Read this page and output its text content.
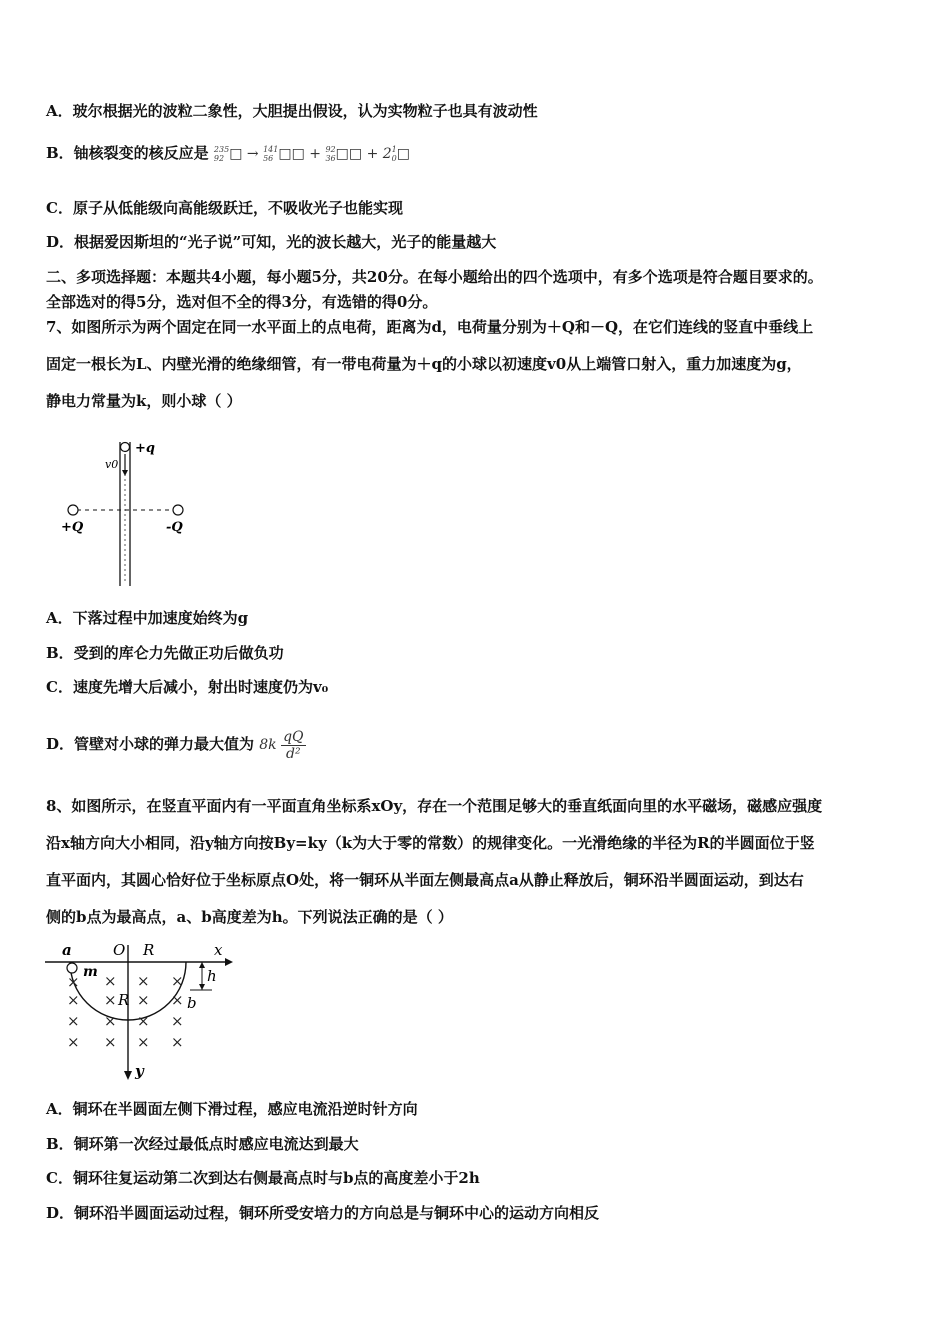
A．玻尔根据光的波粒二象性，大胆提出假设，认为实物粒子也具有波动性
B．铀核裂变的核反应是 235
92 □ → 141
56 □□ + 92
36□□ + 21
0□
C．原子从低能级向高能级跃迁，不吸收光子也能实现
D．根据爱因斯坦的“光子说”可知，光的波长越大，光子的能量越大
二、多项选择题：本题共4小题，每小题5分，共20分。在每小题给出的四个选项中，有多个选项是符合题目要求的。
全部选对的得5分，选对但不全的得3分，有选错的得0分。
7、如图所示为两个固定在同一水平面上的点电荷，距离为d，电荷量分别为＋Q和－Q，在它们连线的竖直中垂线上
固定一根长为L、内壁光滑的绝缘细管，有一带电荷量为＋q的小球以初速度v0从上端管口射入，重力加速度为g，
静电力常量为k，则小球（ ）
+q
v0
+Q	-Q
A．下落过程中加速度始终为g
B．受到的库仑力先做正功后做负功
C．速度先增大后减小，射出时速度仍为v₀
D．管壁对小球的弹力最大值为 $8k \frac{qQ}{\text{d²}}$
8、如图所示，在竖直平面内有一平面直角坐标系xOy，存在一个范围足够大的垂直纸面向里的水平磁场，磁感应强度
沿x轴方向大小相同，沿y轴方向按By=ky（k为大于零的常数）的规律变化。一光滑绝缘的半径为R的半圆面位于竖
直平面内，其圆心恰好位于坐标原点O处，将一铜环从半面左侧最高点a从静止释放后，铜环沿半圆面运动，到达右
侧的b点为最高点，a、b高度差为h。下列说法正确的是（ ）
a	O R	x
m	h
R	b
y
× × × ×
× × × ×
× × × ×
× × × ×
A．铜环在半圆面左侧下滑过程，感应电流沿逆时针方向
B．铜环第一次经过最低点时感应电流达到最大
C．铜环往复运动第二次到达右侧最高点时与b点的高度差小于2h
D．铜环沿半圆面运动过程，铜环所受安培力的方向总是与铜环中心的运动方向相反
